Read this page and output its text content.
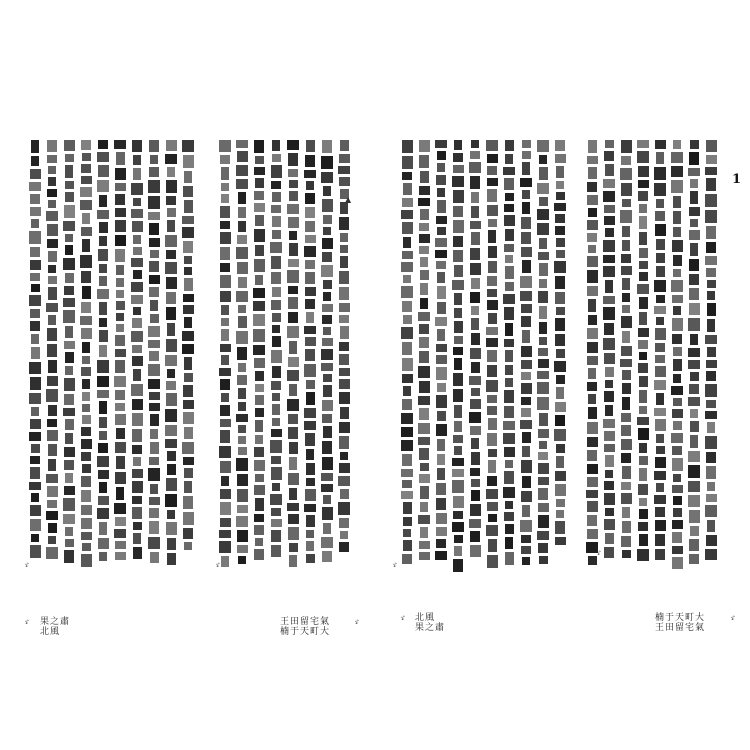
▲
1
ゞ	ゞ	ゞ
ゞ
果之肅
北風
王田留宅氣
楠于天町大
北風
果之肅
楠于天町大
王田留宅氣
ゞ	ゞ	ゞ	ゞ
